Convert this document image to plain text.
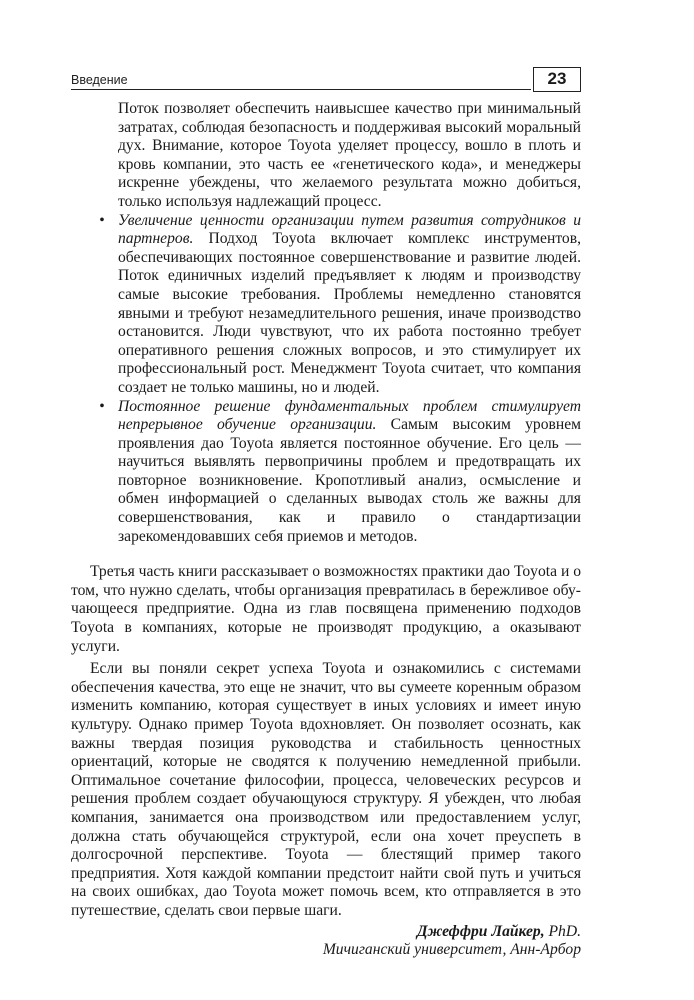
Введение	23

Поток позволяет обеспечить наивысшее качество при минимальный затратах, соблюдая безопасность и поддерживая высокий моральный дух. Внимание, которое Toyota уделяет процессу, вошло в плоть и кровь компании, это часть ее «генетического кода», и менеджеры искренне убеждены, что желаемого результата можно добиться, только используя надлежащий процесс.

• Увеличение ценности организации путем развития сотрудников и партнеров. Подход Toyota включает комплекс инструментов, обеспечивающих постоянное совершенствование и развитие людей. Поток единичных изделий предъявляет к людям и производству самые высокие требования. Проблемы немедленно становятся явными и требуют незамедлительного решения, иначе производство остановится. Люди чувствуют, что их работа постоянно требует оперативного решения сложных вопросов, и это стимулирует их профессиональный рост. Менеджмент Toyota считает, что компания создает не только машины, но и людей.
• Постоянное решение фундаментальных проблем стимулирует непрерывное обучение организации. Самым высоким уровнем проявления дао Toyota является постоянное обучение. Его цель — научиться выявлять первопричины проблем и предотвращать их повторное возникновение. Кропотливый анализ, осмысление и обмен информацией о сделанных выводах столь же важны для совершенствования, как и правило о стандартизации зарекомендовавших себя приемов и методов.

Третья часть книги рассказывает о возможностях практики дао Toyota и о том, что нужно сделать, чтобы организация превратилась в бережливое обучающееся предприятие. Одна из глав посвящена применению подходов Toyota в компаниях, которые не производят продукцию, а оказывают услуги.

Если вы поняли секрет успеха Toyota и ознакомились с системами обеспечения качества, это еще не значит, что вы сумеете коренным образом изменить компанию, которая существует в иных условиях и имеет иную культуру. Однако пример Toyota вдохновляет. Он позволяет осознать, как важны твердая позиция руководства и стабильность ценностных ориентаций, которые не сводятся к получению немедленной прибыли. Оптимальное сочетание философии, процесса, человеческих ресурсов и решения проблем создает обучающуюся структуру. Я убежден, что любая компания, занимается она производством или предоставлением услуг, должна стать обучающейся структурой, если она хочет преуспеть в долгосрочной перспективе. Toyota — блестящий пример такого предприятия. Хотя каждой компании предстоит найти свой путь и учиться на своих ошибках, дао Toyota может помочь всем, кто отправляется в это путешествие, сделать свои первые шаги.

Джеффри Лайкер, PhD.

Мичиганский университет, Анн-Арбор
